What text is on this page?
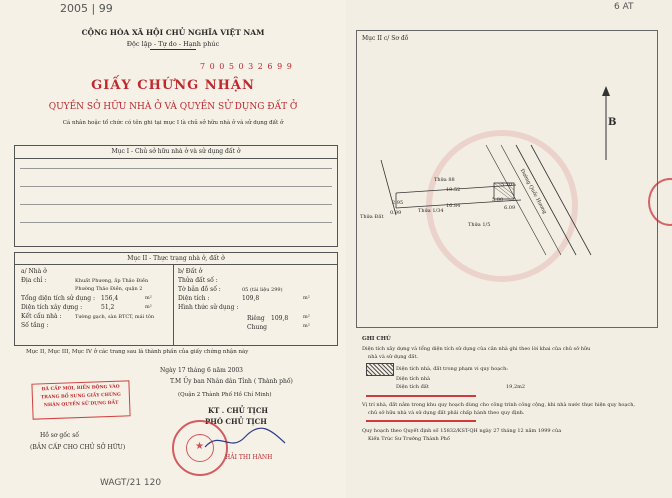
2005 | 99
CỘNG HÒA XÃ HỘI CHỦ NGHĨA VIỆT NAM
Độc lập - Tự do - Hạnh phúc
7 0 0 5 0 3 2 6 9 9
GIẤY CHỨNG NHẬN
QUYỀN SỞ HỮU NHÀ Ở VÀ QUYỀN SỬ DỤNG ĐẤT Ở
Cá nhân hoặc tổ chức có tên ghi tại mục I là chủ sở hữu nhà ở và sử dụng đất ở
Mục I - Chủ sở hữu nhà ở và sử dụng đất ở
Mục II - Thực trạng nhà ở, đất ở
a/ Nhà ở
Địa chỉ :	Khuất Phương, ấp Thảo Điền
Phường Thảo Điền, quận 2
Tổng diện tích sử dụng : 156,4	m²
Diện tích xây dựng :	51,2	m²
Kết cấu nhà :	Tường gạch, sàn BTCT, mái tôn
Số tầng :
b/ Đất ở
Thửa đất số :
Tờ bản đồ số :	05 (tài liệu 299)
Diện tích :	109,8	m²
Hình thức sử dụng :
Riêng 109,8	m²
Chung	m²
Mục II, Mục III, Mục IV ở các trang sau là thành phần của giấy chứng nhận này
Ngày 17 tháng 6 năm 2003
T.M Ủy ban Nhân dân Tỉnh ( Thành phố)
(Quận 2 Thành Phố Hồ Chí Minh)
KT . CHỦ TỊCH
PHÓ CHỦ TỊCH
HẢI THI HÀNH
ĐÃ CẤP MỚI, BIẾN ĐỘNG VÀO
TRANG BỔ SUNG GIẤY CHỨNG
NHẬN QUYỀN SỬ DỤNG ĐẤT
★
Hồ sơ gốc số
(BẢN CẤP CHO CHỦ SỞ HỮU)
WAGT/21 120
6 AT
Mục II c/ Sơ đồ
B
Thửa 88
Thửa 1/34
Thửa 1/5
Thửa Đất
19.52
16.84
2.95	5.80
6.09
5.70
0.99	Đường Quốc Hương
GHI CHÚ
Diện tích xây dựng và tổng diện tích sử dụng của căn nhà ghi theo lời khai của chủ sở hữu
nhà và sử dụng đất.
Diện tích nhà, đất trong phạm vi quy hoạch:
Diện tích nhà
Diện tích đất	19,2m2
Vị trí nhà, đất nằm trong khu quy hoạch dùng cho công trình công cộng, khi nhà nước thực hiện quy hoạch,
chủ sở hữu nhà và sử dụng đất phải chấp hành theo quy định.
Quy hoạch theo Quyết định số 15832/KST-QH ngày 27 tháng 12 năm 1999 của
Kiến Trúc Sư Trưởng Thành Phố
